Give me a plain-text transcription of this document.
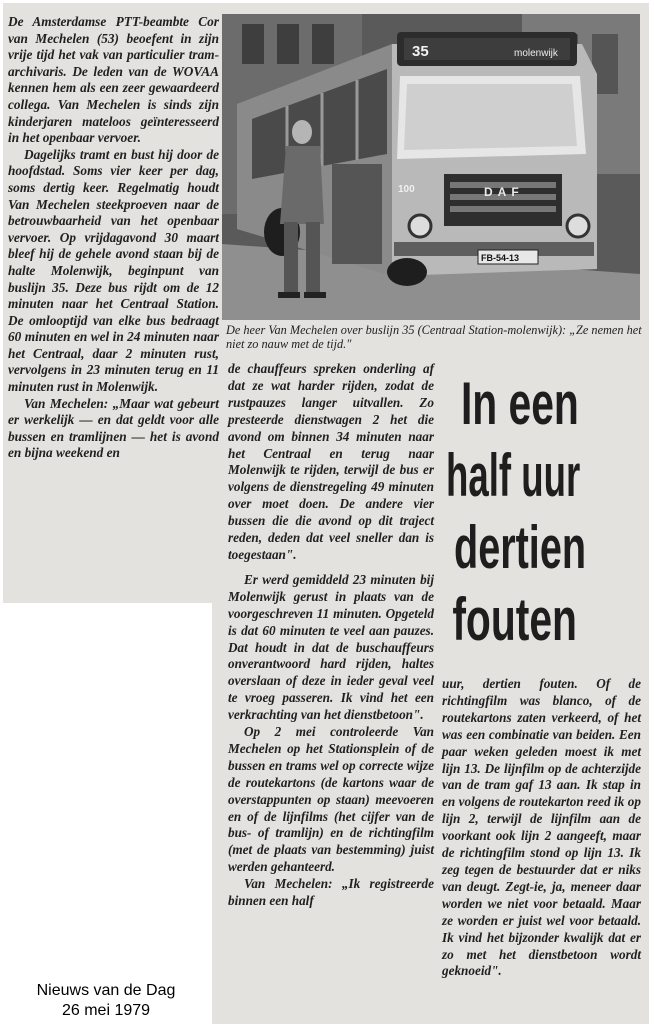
De Amsterdamse PTT-beambte Cor van Mechelen (53) beoefent in zijn vrije tijd het vak van particulier tram-archivaris. De leden van de WOVAA kennen hem als een zeer gewaardeerd collega. Van Mechelen is sinds zijn kinderjaren mateloos geïnteresseerd in het openbaar vervoer.

Dagelijks tramt en bust hij door de hoofdstad. Soms vier keer per dag, soms dertig keer. Regelmatig houdt Van Mechelen steekproeven naar de betrouwbaarheid van het openbaar vervoer. Op vrijdagavond 30 maart bleef hij de gehele avond staan bij de halte Molenwijk, beginpunt van buslijn 35. Deze bus rijdt om de 12 minuten naar het Centraal Station. De omlooptijd van elke bus bedraagt 60 minuten en wel in 24 minuten naar het Centraal, daar 2 minuten rust, vervolgens in 23 minuten terug en 11 minuten rust in Molenwijk.

Van Mechelen: „Maar wat gebeurt er werkelijk — en dat geldt voor alle bussen en tramlijnen — het is avond en bijna weekend en

35	molenwijk
100	DAF
FB-54-13
De heer Van Mechelen over buslijn 35 (Centraal Station-molenwijk): „Ze nemen het niet zo nauw met de tijd."

de chauffeurs spreken onderling af dat ze wat harder rijden, zodat de rustpauzes langer uitvallen. Zo presteerde dienstwagen 2 het die avond om binnen 34 minuten naar het Centraal en terug naar Molenwijk te rijden, terwijl de bus er volgens de dienstregeling 49 minuten over moet doen. De andere vier bussen die die avond op dit traject reden, deden dat veel sneller dan is toegestaan".

Er werd gemiddeld 23 minuten bij Molenwijk gerust in plaats van de voorgeschreven 11 minuten. Opgeteld is dat 60 minuten te veel aan pauzes. Dat houdt in dat de buschauffeurs onverantwoord hard rijden, haltes overslaan of deze in ieder geval veel te vroeg passeren. Ik vind het een verkrachting van het dienstbetoon".

Op 2 mei controleerde Van Mechelen op het Stationsplein of de bussen en trams wel op correcte wijze de routekartons (de kartons waar de overstappunten op staan) meevoeren en of de lijnfilms (het cijfer van de bus- of tramlijn) en de richtingfilm (met de plaats van bestemming) juist werden gehanteerd.

Van Mechelen: „Ik registreerde binnen een half

In een
half uur
dertien
fouten

uur, dertien fouten. Of de richtingfilm was blanco, of de routekartons zaten verkeerd, of het was een combinatie van beiden. Een paar weken geleden moest ik met lijn 13. De lijnfilm op de achterzijde van de tram gaf 13 aan. Ik stap in en volgens de routekarton reed ik op lijn 2, terwijl de lijnfilm aan de voorkant ook lijn 2 aangeeft, maar de richtingfilm stond op lijn 13. Ik zeg tegen de bestuurder dat er niks van deugt. Zegt-ie, ja, meneer daar worden we niet voor betaald. Maar ze worden er juist wel voor betaald. Ik vind het bijzonder kwalijk dat er zo met het dienstbetoon wordt geknoeid".

Nieuws van de Dag
26 mei 1979
